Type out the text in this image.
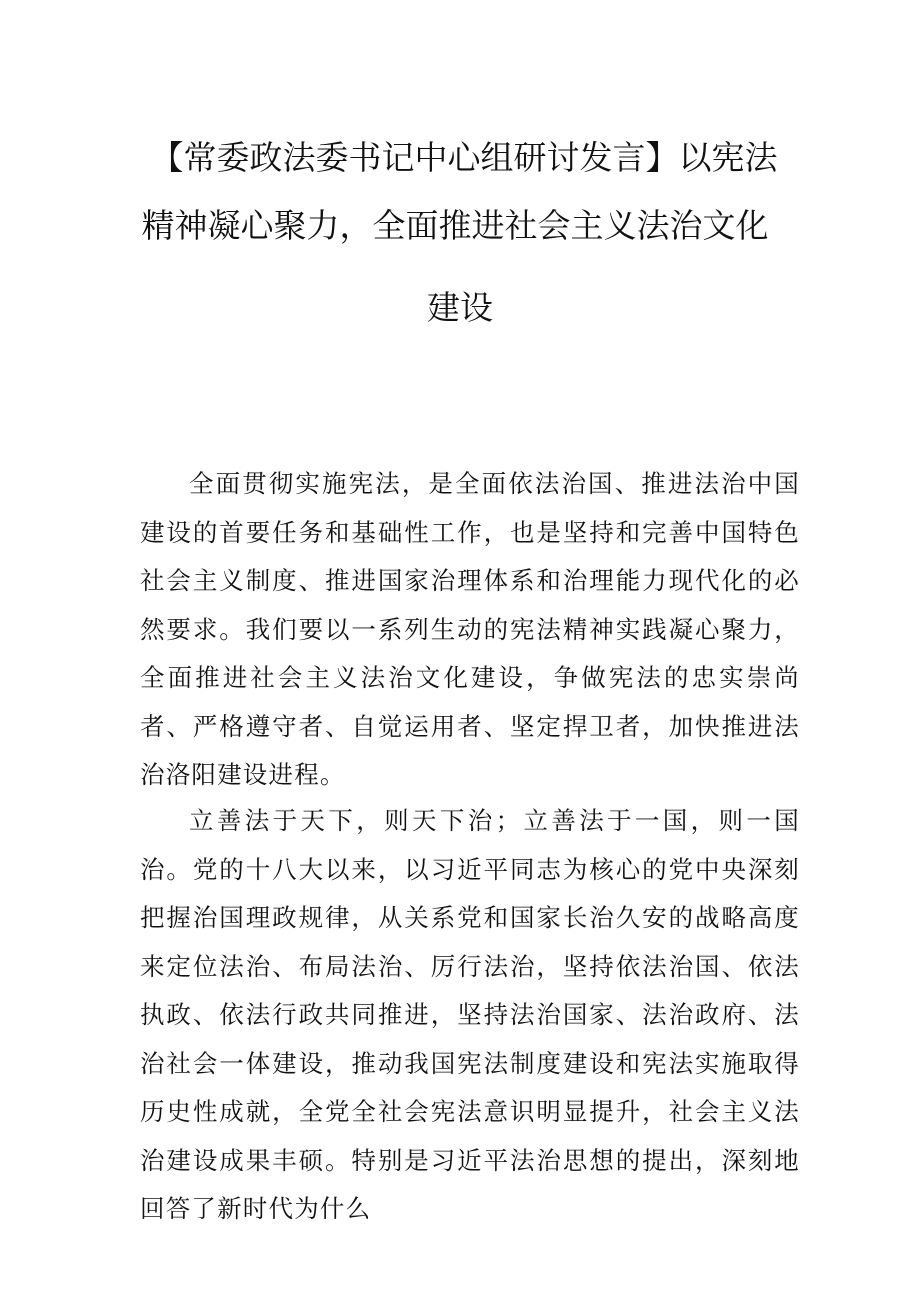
【常委政法委书记中心组研讨发言】以宪法
精神凝心聚力，全面推进社会主义法治文化
建设

全面贯彻实施宪法，是全面依法治国、推进法治中国建设的首要任务和基础性工作，也是坚持和完善中国特色社会主义制度、推进国家治理体系和治理能力现代化的必然要求。我们要以一系列生动的宪法精神实践凝心聚力，全面推进社会主义法治文化建设，争做宪法的忠实崇尚者、严格遵守者、自觉运用者、坚定捍卫者，加快推进法治洛阳建设进程。

立善法于天下，则天下治；立善法于一国，则一国治。党的十八大以来，以习近平同志为核心的党中央深刻把握治国理政规律，从关系党和国家长治久安的战略高度来定位法治、布局法治、厉行法治，坚持依法治国、依法执政、依法行政共同推进，坚持法治国家、法治政府、法治社会一体建设，推动我国宪法制度建设和宪法实施取得历史性成就，全党全社会宪法意识明显提升，社会主义法治建设成果丰硕。特别是习近平法治思想的提出，深刻地回答了新时代为什么
